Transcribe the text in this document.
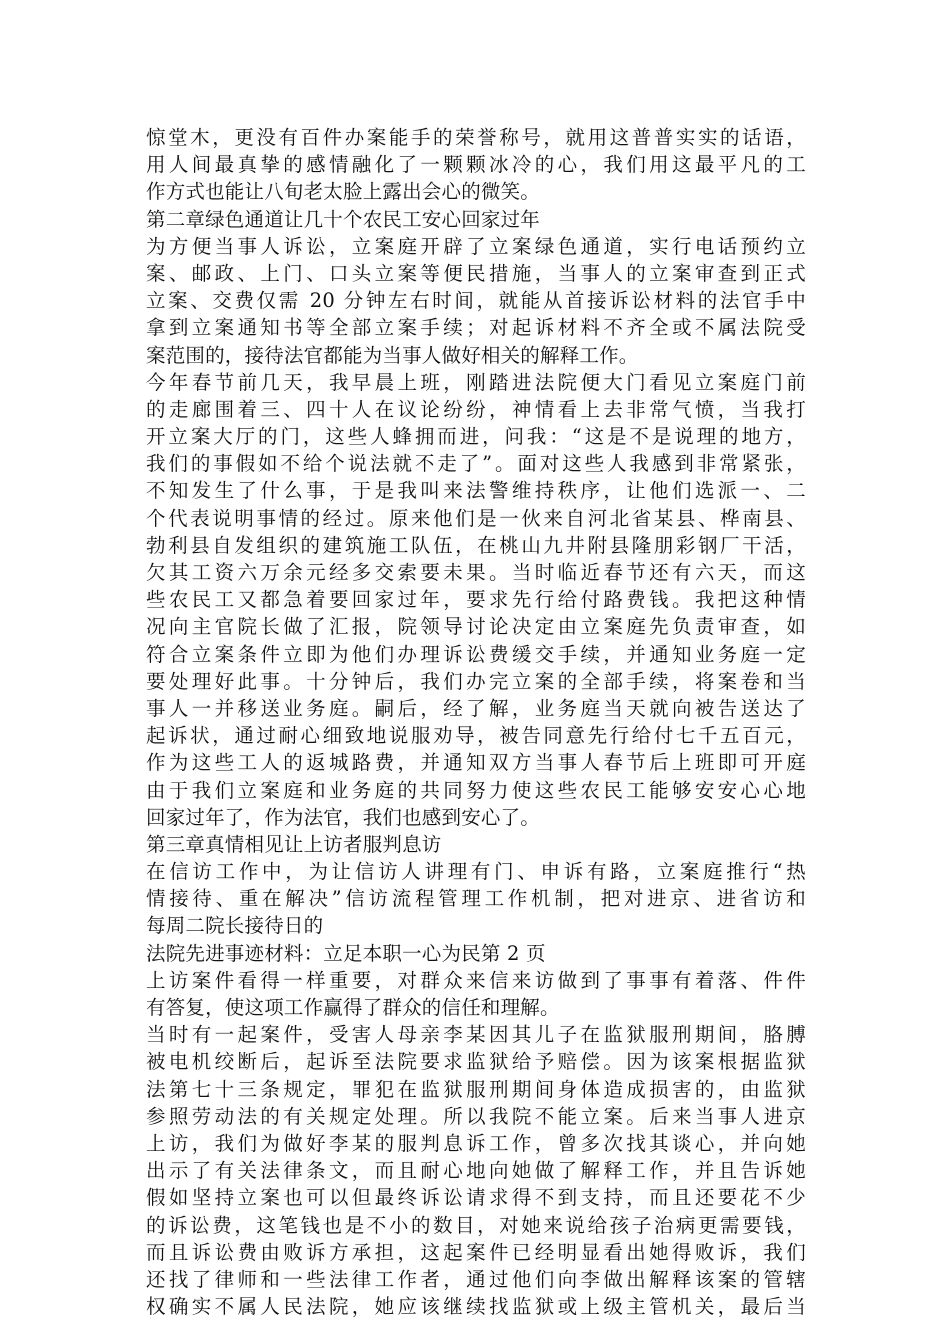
惊堂木，更没有百件办案能手的荣誉称号，就用这普普实实的话语，
用人间最真挚的感情融化了一颗颗冰冷的心，我们用这最平凡的工
作方式也能让八旬老太脸上露出会心的微笑。
第二章绿色通道让几十个农民工安心回家过年
为方便当事人诉讼，立案庭开辟了立案绿色通道，实行电话预约立
案、邮政、上门、口头立案等便民措施，当事人的立案审查到正式
立案、交费仅需 20 分钟左右时间，就能从首接诉讼材料的法官手中
拿到立案通知书等全部立案手续；对起诉材料不齐全或不属法院受
案范围的，接待法官都能为当事人做好相关的解释工作。
今年春节前几天，我早晨上班，刚踏进法院便大门看见立案庭门前
的走廊围着三、四十人在议论纷纷，神情看上去非常气愤，当我打
开立案大厅的门，这些人蜂拥而进，问我：“这是不是说理的地方，
我们的事假如不给个说法就不走了”。面对这些人我感到非常紧张，
不知发生了什么事，于是我叫来法警维持秩序，让他们选派一、二
个代表说明事情的经过。原来他们是一伙来自河北省某县、桦南县、
勃利县自发组织的建筑施工队伍，在桃山九井附县隆朋彩钢厂干活，
欠其工资六万余元经多交索要未果。当时临近春节还有六天，而这
些农民工又都急着要回家过年，要求先行给付路费钱。我把这种情
况向主官院长做了汇报，院领导讨论决定由立案庭先负责审查，如
符合立案条件立即为他们办理诉讼费缓交手续，并通知业务庭一定
要处理好此事。十分钟后，我们办完立案的全部手续，将案卷和当
事人一并移送业务庭。嗣后，经了解，业务庭当天就向被告送达了
起诉状，通过耐心细致地说服劝导，被告同意先行给付七千五百元，
作为这些工人的返城路费，并通知双方当事人春节后上班即可开庭
由于我们立案庭和业务庭的共同努力使这些农民工能够安安心心地
回家过年了，作为法官，我们也感到安心了。
第三章真情相见让上访者服判息访
在信访工作中，为让信访人讲理有门、申诉有路，立案庭推行“热
情接待、重在解决”信访流程管理工作机制，把对进京、进省访和
每周二院长接待日的
法院先进事迹材料：立足本职一心为民第 2 页
上访案件看得一样重要，对群众来信来访做到了事事有着落、件件
有答复，使这项工作赢得了群众的信任和理解。
当时有一起案件，受害人母亲李某因其儿子在监狱服刑期间，胳膊
被电机绞断后，起诉至法院要求监狱给予赔偿。因为该案根据监狱
法第七十三条规定，罪犯在监狱服刑期间身体造成损害的，由监狱
参照劳动法的有关规定处理。所以我院不能立案。后来当事人进京
上访，我们为做好李某的服判息诉工作，曾多次找其谈心，并向她
出示了有关法律条文，而且耐心地向她做了解释工作，并且告诉她
假如坚持立案也可以但最终诉讼请求得不到支持，而且还要花不少
的诉讼费，这笔钱也是不小的数目，对她来说给孩子治病更需要钱，
而且诉讼费由败诉方承担，这起案件已经明显看出她得败诉，我们
还找了律师和一些法律工作者，通过他们向李做出解释该案的管辖
权确实不属人民法院，她应该继续找监狱或上级主管机关，最后当
